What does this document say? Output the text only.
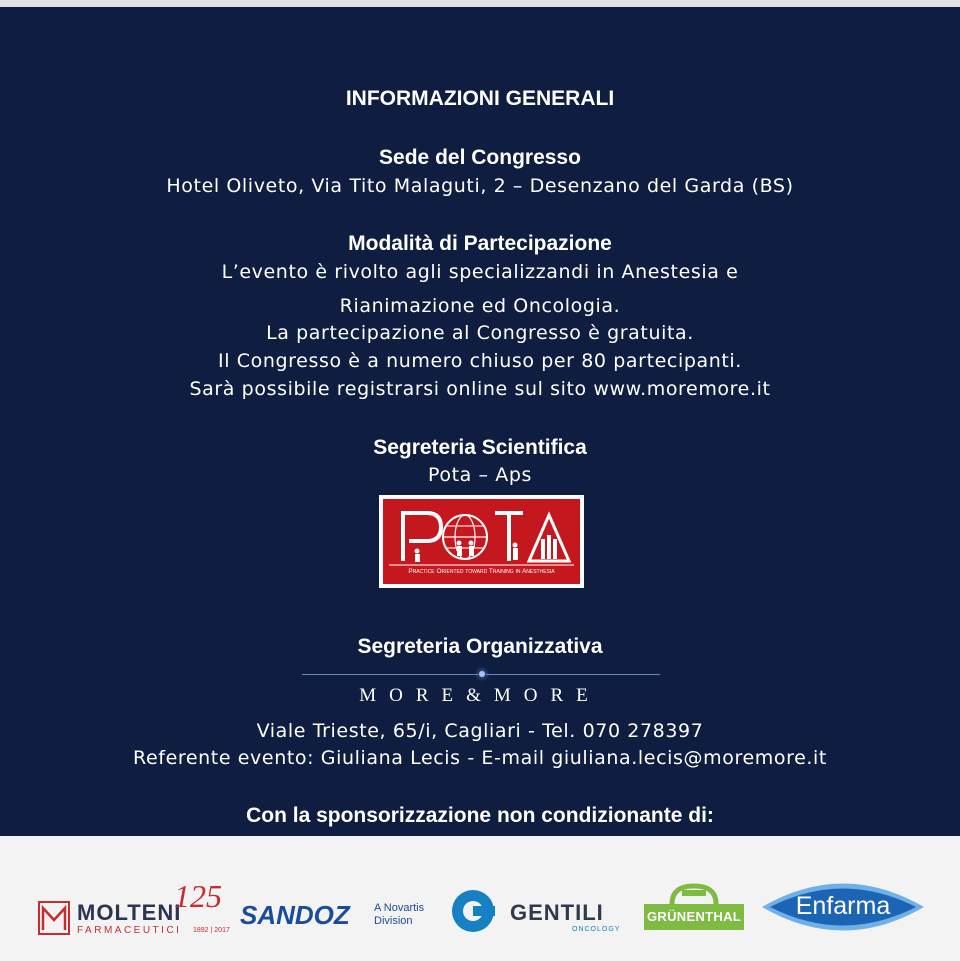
INFORMAZIONI GENERALI
Sede del Congresso
Hotel Oliveto, Via Tito Malaguti, 2 – Desenzano del Garda (BS)
Modalità di Partecipazione
L’evento è rivolto agli specializzandi in Anestesia e
Rianimazione ed Oncologia.
La partecipazione al Congresso è gratuita.
Il Congresso è a numero chiuso per 80 partecipanti.
Sarà possibile registrarsi online sul sito www.moremore.it
Segreteria Scientifica
Pota – Aps
Practice Oriented toward Training in Anesthesia
Segreteria Organizzativa
MORE&MORE
Viale Trieste, 65/i, Cagliari - Tel. 070 278397
Referente evento: Giuliana Lecis - E-mail giuliana.lecis@moremore.it
Con la sponsorizzazione non condizionante di:
MOLTENI
FARMACEUTICI 1892 | 2017
125
SANDOZ A Novartis
Division	GENTILI
ONCOLOGY
GRÜNENTHAL	Enfarma
